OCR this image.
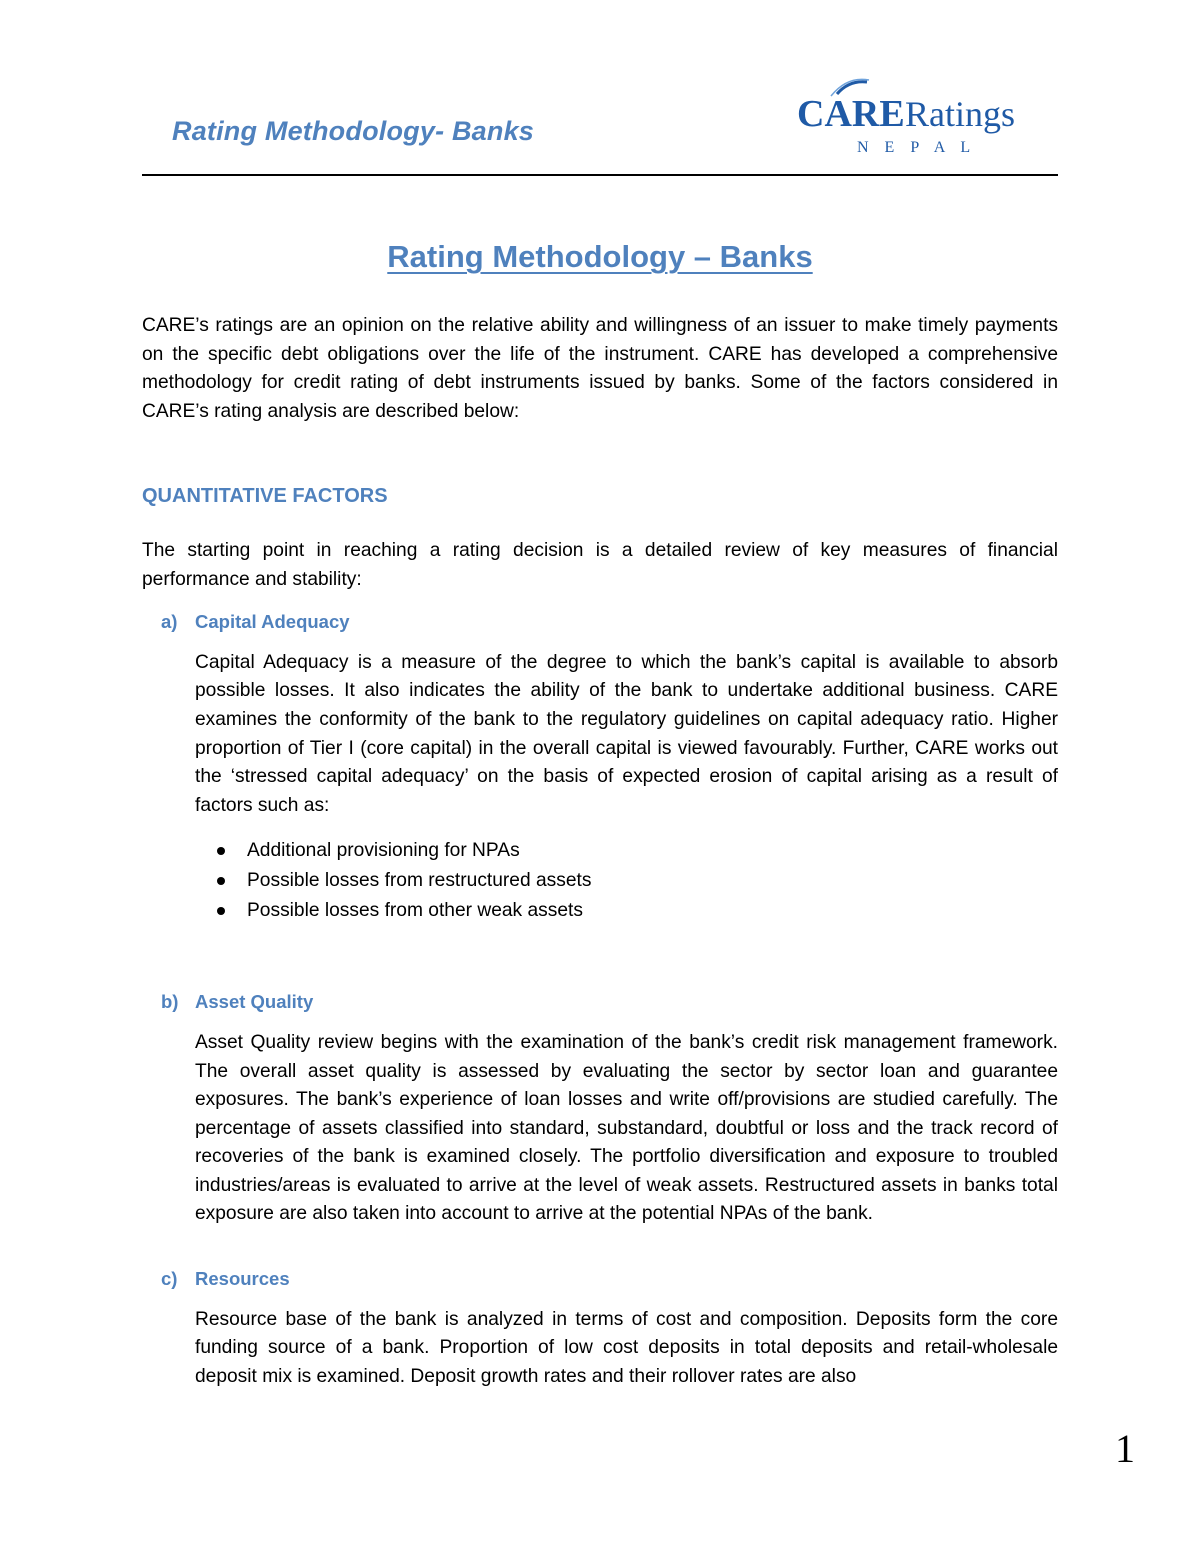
Rating Methodology- Banks	CARE Ratings
N E P A L
Rating Methodology – Banks

CARE’s ratings are an opinion on the relative ability and willingness of an issuer to make timely payments on the specific debt obligations over the life of the instrument. CARE has developed a comprehensive methodology for credit rating of debt instruments issued by banks. Some of the factors considered in CARE’s rating analysis are described below:

QUANTITATIVE FACTORS

The starting point in reaching a rating decision is a detailed review of key measures of financial performance and stability:

a) Capital Adequacy

Capital Adequacy is a measure of the degree to which the bank’s capital is available to absorb possible losses. It also indicates the ability of the bank to undertake additional business. CARE examines the conformity of the bank to the regulatory guidelines on capital adequacy ratio. Higher proportion of Tier I (core capital) in the overall capital is viewed favourably. Further, CARE works out the ‘stressed capital adequacy’ on the basis of expected erosion of capital arising as a result of factors such as:

Additional provisioning for NPAs
Possible losses from restructured assets
Possible losses from other weak assets
b) Asset Quality

Asset Quality review begins with the examination of the bank’s credit risk management framework. The overall asset quality is assessed by evaluating the sector by sector loan and guarantee exposures. The bank’s experience of loan losses and write off/provisions are studied carefully. The percentage of assets classified into standard, substandard, doubtful or loss and the track record of recoveries of the bank is examined closely. The portfolio diversification and exposure to troubled industries/areas is evaluated to arrive at the level of weak assets. Restructured assets in banks total exposure are also taken into account to arrive at the potential NPAs of the bank.

c) Resources

Resource base of the bank is analyzed in terms of cost and composition. Deposits form the core funding source of a bank. Proportion of low cost deposits in total deposits and retail-wholesale deposit mix is examined. Deposit growth rates and their rollover rates are also

1
